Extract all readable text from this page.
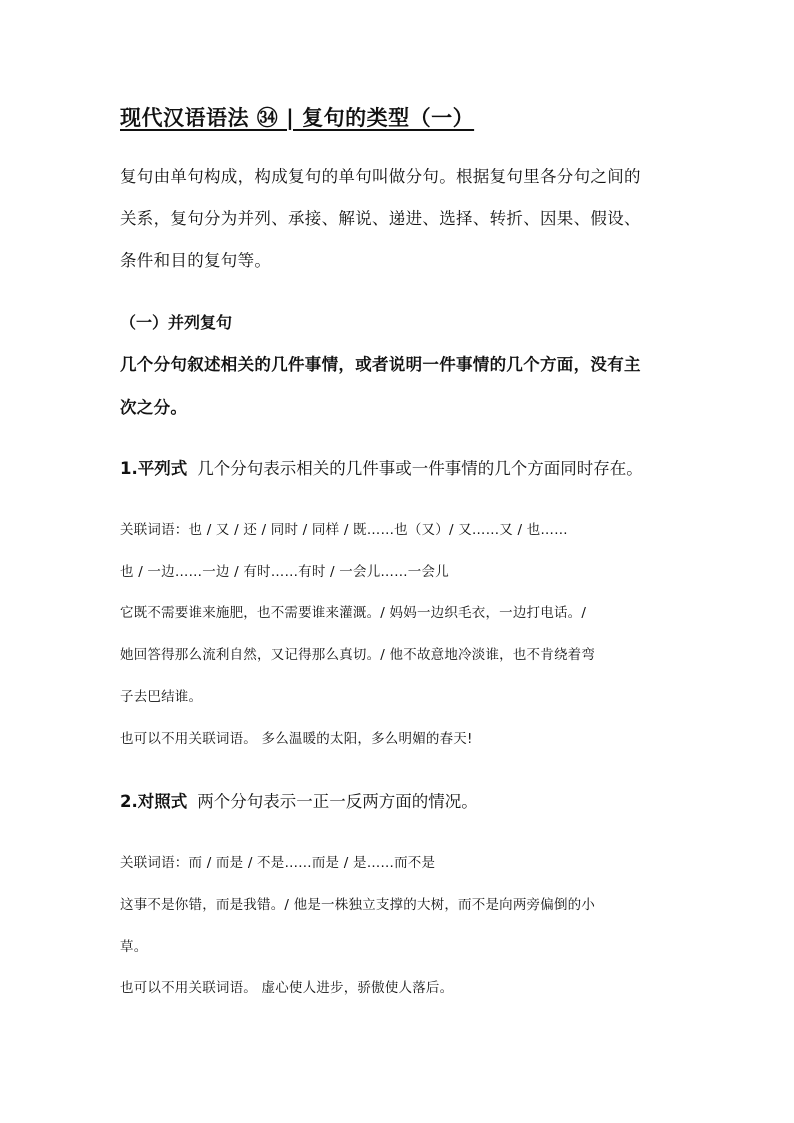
现代汉语语法 ㉞ | 复句的类型（一）
复句由单句构成，构成复句的单句叫做分句。根据复句里各分句之间的
关系，复句分为并列、承接、解说、递进、选择、转折、因果、假设、
条件和目的复句等。
（一）并列复句
几个分句叙述相关的几件事情，或者说明一件事情的几个方面，没有主
次之分。
1.平列式 几个分句表示相关的几件事或一件事情的几个方面同时存在。
关联词语：也 / 又 / 还 / 同时 / 同样 / 既……也（又）/ 又……又 / 也……
也 / 一边……一边 / 有时……有时 / 一会儿……一会儿
它既不需要谁来施肥，也不需要谁来灌溉。/ 妈妈一边织毛衣，一边打电话。/
她回答得那么流利自然，又记得那么真切。/ 他不故意地冷淡谁，也不肯绕着弯
子去巴结谁。
也可以不用关联词语。 多么温暖的太阳，多么明媚的春天!
2.对照式 两个分句表示一正一反两方面的情况。
关联词语：而 / 而是 / 不是……而是 / 是……而不是
这事不是你错，而是我错。/ 他是一株独立支撑的大树，而不是向两旁偏倒的小
草。
也可以不用关联词语。 虚心使人进步，骄傲使人落后。
